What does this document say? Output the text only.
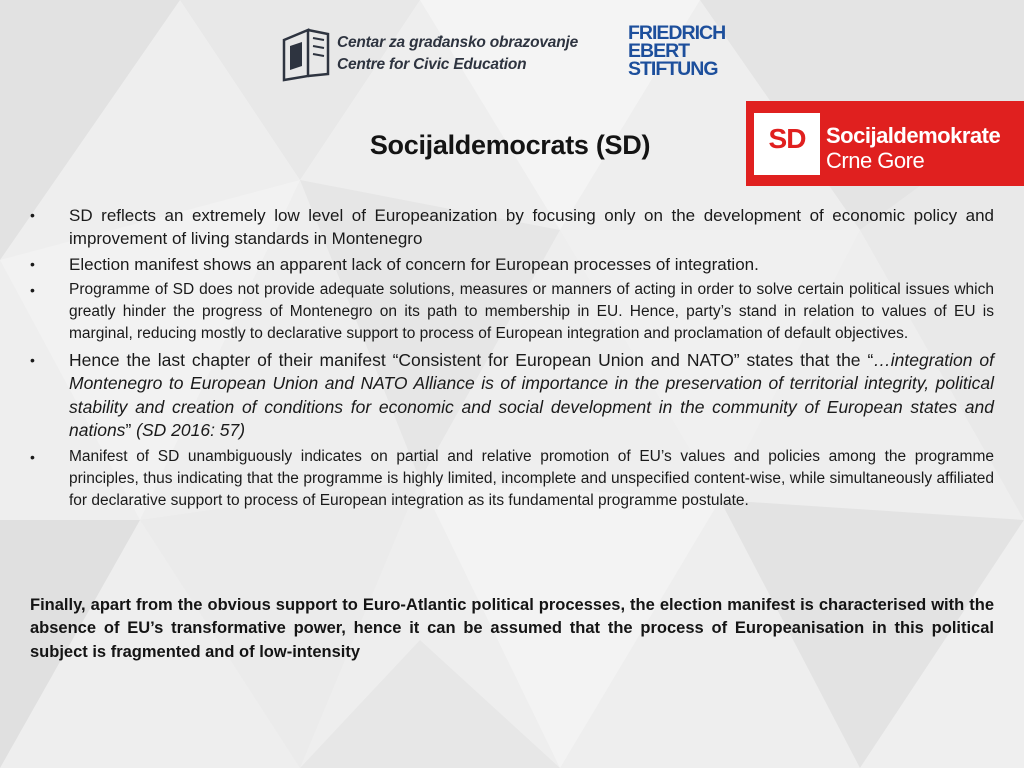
Centar za građansko obrazovanje
Centre for Civic Education
FRIEDRICH
EBERT
STIFTUNG
SD Socijaldemokrate
Crne Gore
Socijaldemocrats (SD)
• SD reflects an extremely low level of Europeanization by focusing only on the development of economic policy and improvement of living standards in Montenegro
• Election manifest shows an apparent lack of concern for European processes of integration.
• Programme of SD does not provide adequate solutions, measures or manners of acting in order to solve certain political issues which greatly hinder the progress of Montenegro on its path to membership in EU. Hence, party’s stand in relation to values of EU is marginal, reducing mostly to declarative support to process of European integration and proclamation of default objectives.
• Hence the last chapter of their manifest “Consistent for European Union and NATO” states that the “…integration of Montenegro to European Union and NATO Alliance is of importance in the preservation of territorial integrity, political stability and creation of conditions for economic and social development in the community of European states and nations” (SD 2016: 57)
• Manifest of SD unambiguously indicates on partial and relative promotion of EU’s values and policies among the programme principles, thus indicating that the programme is highly limited, incomplete and unspecified content-wise, while simultaneously affiliated for declarative support to process of European integration as its fundamental programme postulate.

Finally, apart from the obvious support to Euro-Atlantic political processes, the election manifest is characterised with the absence of EU’s transformative power, hence it can be assumed that the process of Europeanisation in this political subject is fragmented and of low-intensity
